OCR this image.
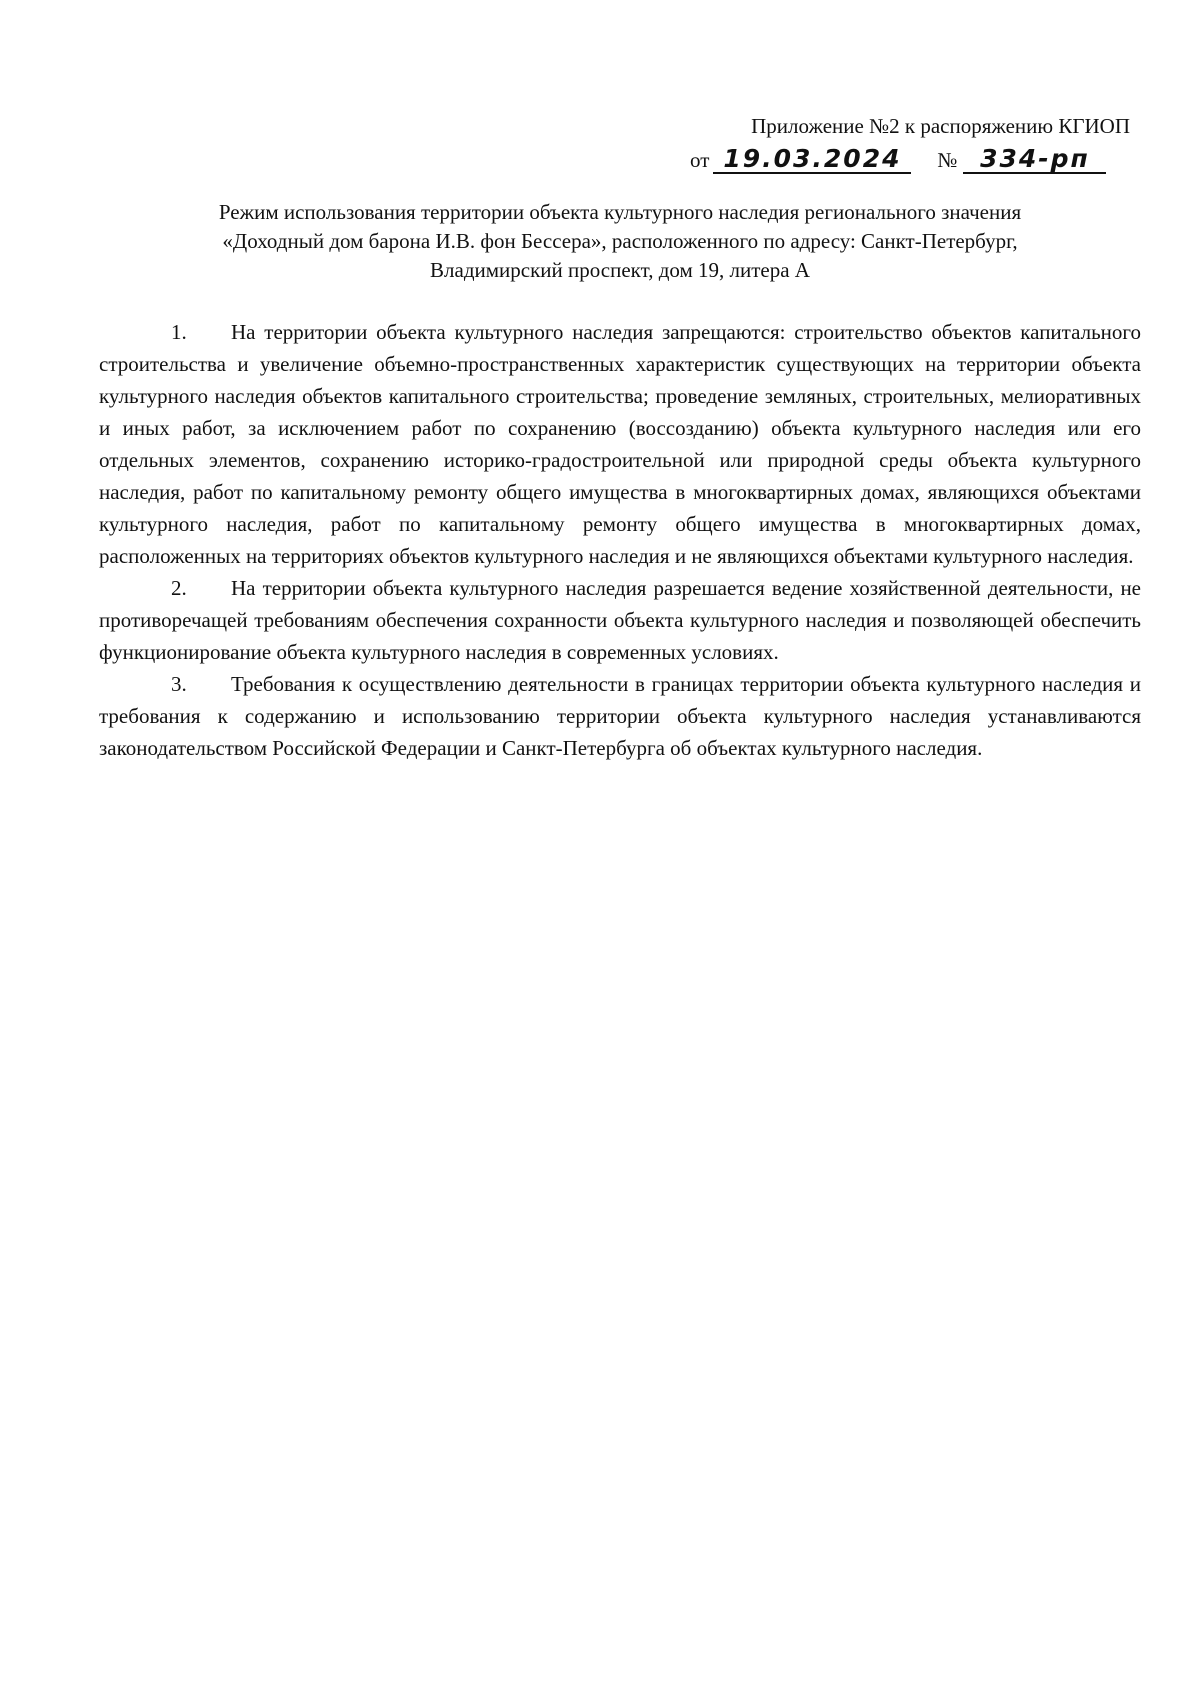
Приложение №2 к распоряжению КГИОП
от 19.03.2024	№ 334-рп
Режим использования территории объекта культурного наследия регионального значения
«Доходный дом барона И.В. фон Бессера», расположенного по адресу: Санкт-Петербург,
Владимирский проспект, дом 19, литера А

1. На территории объекта культурного наследия запрещаются: строительство объектов капитального строительства и увеличение объемно-пространственных характеристик существующих на территории объекта культурного наследия объектов капитального строительства; проведение земляных, строительных, мелиоративных и иных работ, за исключением работ по сохранению (воссозданию) объекта культурного наследия или его отдельных элементов, сохранению историко-градостроительной или природной среды объекта культурного наследия, работ по капитальному ремонту общего имущества в многоквартирных домах, являющихся объектами культурного наследия, работ по капитальному ремонту общего имущества в многоквартирных домах, расположенных на территориях объектов культурного наследия и не являющихся объектами культурного наследия.

2. На территории объекта культурного наследия разрешается ведение хозяйственной деятельности, не противоречащей требованиям обеспечения сохранности объекта культурного наследия и позволяющей обеспечить функционирование объекта культурного наследия в современных условиях.

3. Требования к осуществлению деятельности в границах территории объекта культурного наследия и требования к содержанию и использованию территории объекта культурного наследия устанавливаются законодательством Российской Федерации и Санкт-Петербурга об объектах культурного наследия.
